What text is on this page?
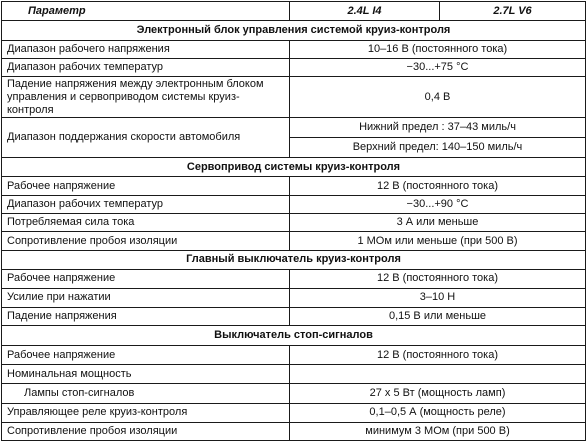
Параметр	2.4L I4	2.7L V6
Электронный блок управления системой круиз-контроля		
Диапазон рабочего напряжения	10–16 В (постоянного тока)	
Диапазон рабочих температур	−30...+75 °C	
Падение напряжения между электронным блоком управления и сервоприводом системы круиз-контроля	0,4 В	
Диапазон поддержания скорости автомобиля	Нижний предел : 37–43 миль/ч	
	Верхний предел: 140–150 миль/ч	
Сервопривод системы круиз-контроля		
Рабочее напряжение	12 В (постоянного тока)	
Диапазон рабочих температур	−30...+90 °C	
Потребляемая сила тока	3 А или меньше	
Сопротивление пробоя изоляции	1 МОм или меньше (при 500 В)	
Главный выключатель круиз-контроля		
Рабочее напряжение	12 В (постоянного тока)	
Усилие при нажатии	3–10 Н	
Падение напряжения	0,15 В или меньше	
Выключатель стоп-сигналов		
Рабочее напряжение	12 В (постоянного тока)	
Номинальная мощность		
Лампы стоп-сигналов	27 х 5 Вт (мощность ламп)	
Управляющее реле круиз-контроля	0,1–0,5 А (мощность реле)	
Сопротивление пробоя изоляции	минимум 3 МОм (при 500 В)	
